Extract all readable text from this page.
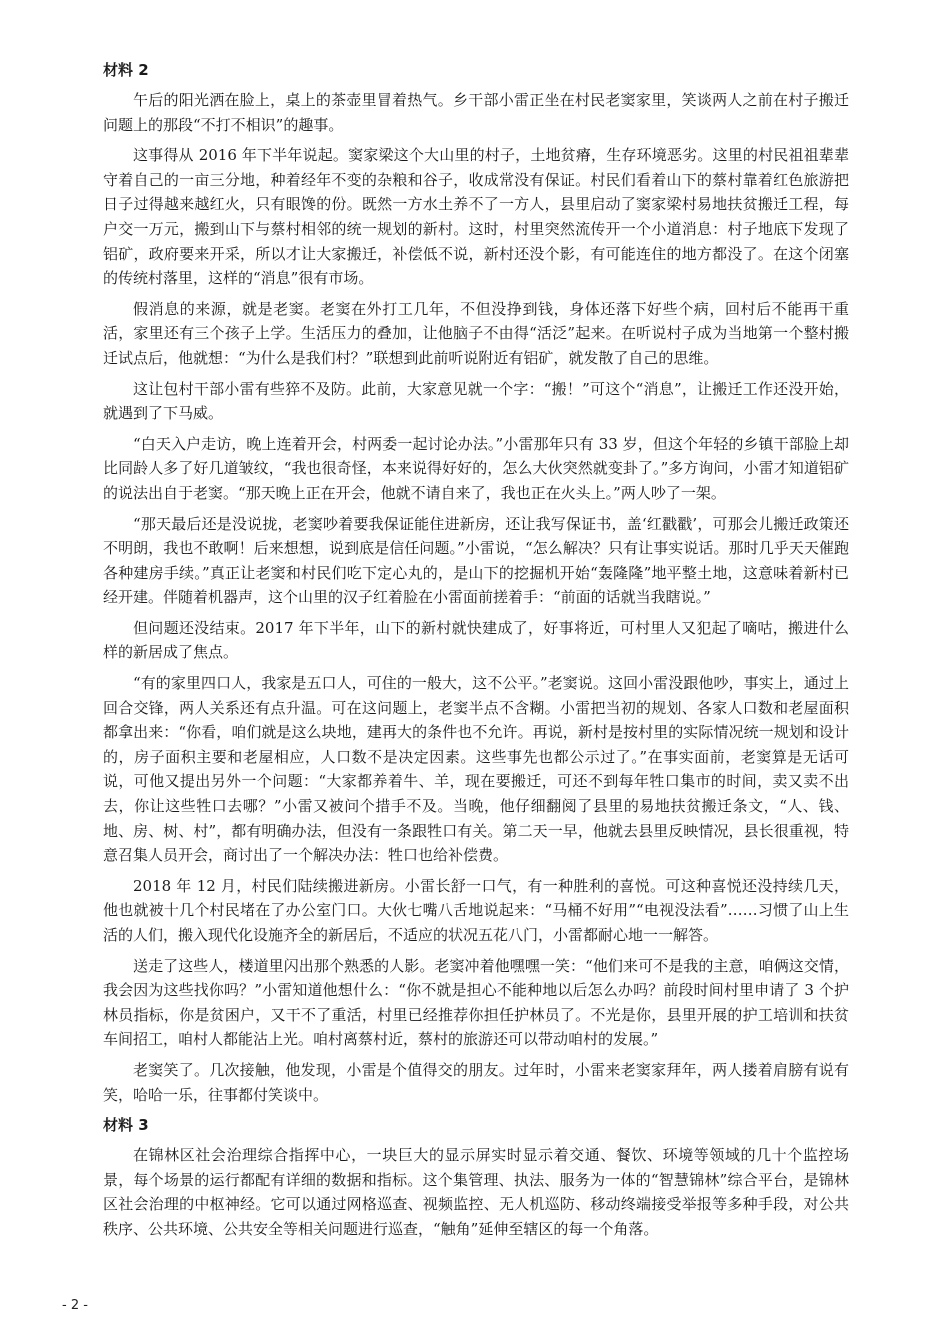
材料 2

午后的阳光洒在脸上，桌上的茶壶里冒着热气。乡干部小雷正坐在村民老窦家里，笑谈两人之前在村子搬迁问题上的那段“不打不相识”的趣事。

这事得从 2016 年下半年说起。窦家梁这个大山里的村子，土地贫瘠，生存环境恶劣。这里的村民祖祖辈辈守着自己的一亩三分地，种着经年不变的杂粮和谷子，收成常没有保证。村民们看着山下的蔡村靠着红色旅游把日子过得越来越红火，只有眼馋的份。既然一方水土养不了一方人，县里启动了窦家梁村易地扶贫搬迁工程，每户交一万元，搬到山下与蔡村相邻的统一规划的新村。这时，村里突然流传开一个小道消息：村子地底下发现了铝矿，政府要来开采，所以才让大家搬迁，补偿低不说，新村还没个影，有可能连住的地方都没了。在这个闭塞的传统村落里，这样的“消息”很有市场。

假消息的来源，就是老窦。老窦在外打工几年，不但没挣到钱，身体还落下好些个病，回村后不能再干重活，家里还有三个孩子上学。生活压力的叠加，让他脑子不由得“活泛”起来。在听说村子成为当地第一个整村搬迁试点后，他就想：“为什么是我们村？”联想到此前听说附近有铝矿，就发散了自己的思维。

这让包村干部小雷有些猝不及防。此前，大家意见就一个字：“搬！”可这个“消息”，让搬迁工作还没开始，就遇到了下马威。

“白天入户走访，晚上连着开会，村两委一起讨论办法。”小雷那年只有 33 岁，但这个年轻的乡镇干部脸上却比同龄人多了好几道皱纹，“我也很奇怪，本来说得好好的，怎么大伙突然就变卦了。”多方询问，小雷才知道铝矿的说法出自于老窦。“那天晚上正在开会，他就不请自来了，我也正在火头上。”两人吵了一架。

“那天最后还是没说拢，老窦吵着要我保证能住进新房，还让我写保证书，盖‘红戳戳’，可那会儿搬迁政策还不明朗，我也不敢啊！后来想想，说到底是信任问题。”小雷说，“怎么解决？只有让事实说话。那时几乎天天催跑各种建房手续。”真正让老窦和村民们吃下定心丸的，是山下的挖掘机开始“轰隆隆”地平整土地，这意味着新村已经开建。伴随着机器声，这个山里的汉子红着脸在小雷面前搓着手：“前面的话就当我瞎说。”

但问题还没结束。2017 年下半年，山下的新村就快建成了，好事将近，可村里人又犯起了嘀咕，搬进什么样的新居成了焦点。

“有的家里四口人，我家是五口人，可住的一般大，这不公平。”老窦说。这回小雷没跟他吵，事实上，通过上回合交锋，两人关系还有点升温。可在这问题上，老窦半点不含糊。小雷把当初的规划、各家人口数和老屋面积都拿出来：“你看，咱们就是这么块地，建再大的条件也不允许。再说，新村是按村里的实际情况统一规划和设计的，房子面积主要和老屋相应，人口数不是决定因素。这些事先也都公示过了。”在事实面前，老窦算是无话可说，可他又提出另外一个问题：“大家都养着牛、羊，现在要搬迁，可还不到每年牲口集市的时间，卖又卖不出去，你让这些牲口去哪？”小雷又被问个措手不及。当晚，他仔细翻阅了县里的易地扶贫搬迁条文，“人、钱、地、房、树、村”，都有明确办法，但没有一条跟牲口有关。第二天一早，他就去县里反映情况，县长很重视，特意召集人员开会，商讨出了一个解决办法：牲口也给补偿费。

2018 年 12 月，村民们陆续搬进新房。小雷长舒一口气，有一种胜利的喜悦。可这种喜悦还没持续几天，他也就被十几个村民堵在了办公室门口。大伙七嘴八舌地说起来：“马桶不好用”“电视没法看”……习惯了山上生活的人们，搬入现代化设施齐全的新居后，不适应的状况五花八门，小雷都耐心地一一解答。

送走了这些人，楼道里闪出那个熟悉的人影。老窦冲着他嘿嘿一笑：“他们来可不是我的主意，咱俩这交情，我会因为这些找你吗？”小雷知道他想什么：“你不就是担心不能种地以后怎么办吗？前段时间村里申请了 3 个护林员指标，你是贫困户，又干不了重活，村里已经推荐你担任护林员了。不光是你，县里开展的护工培训和扶贫车间招工，咱村人都能沾上光。咱村离蔡村近，蔡村的旅游还可以带动咱村的发展。”

老窦笑了。几次接触，他发现，小雷是个值得交的朋友。过年时，小雷来老窦家拜年，两人搂着肩膀有说有笑，哈哈一乐，往事都付笑谈中。

材料 3

在锦林区社会治理综合指挥中心，一块巨大的显示屏实时显示着交通、餐饮、环境等领域的几十个监控场景，每个场景的运行都配有详细的数据和指标。这个集管理、执法、服务为一体的“智慧锦林”综合平台，是锦林区社会治理的中枢神经。它可以通过网格巡查、视频监控、无人机巡防、移动终端接受举报等多种手段，对公共秩序、公共环境、公共安全等相关问题进行巡查，“触角”延伸至辖区的每一个角落。

- 2 -
